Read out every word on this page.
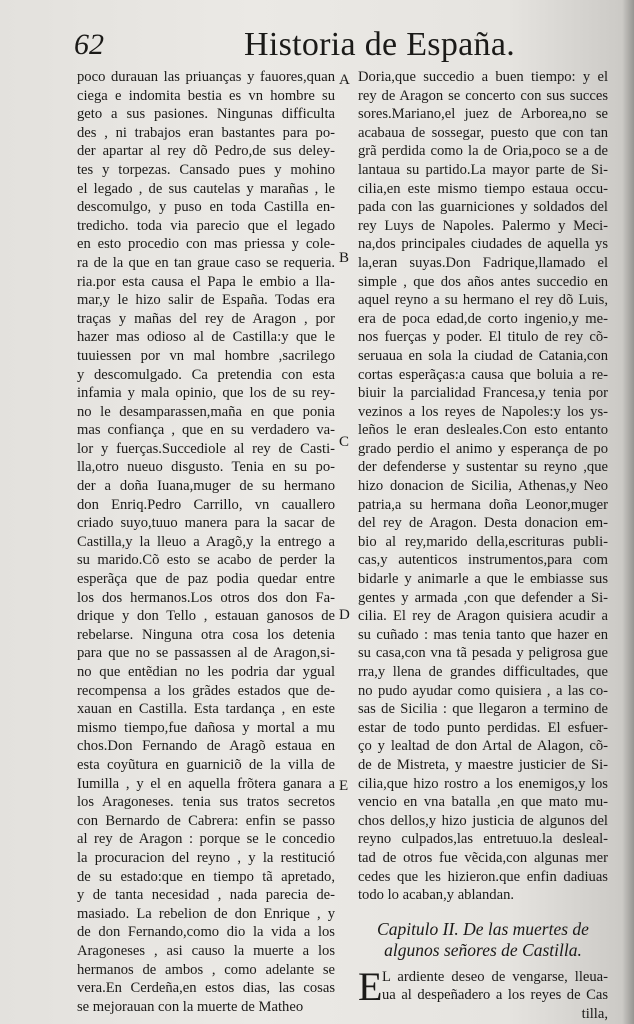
62	Historia de España.
poco durauan las priuanças y fauores,quan
ciega e indomita bestia es vn hombre su
geto a sus pasiones. Ningunas difficulta
des , ni trabajos eran bastantes para po-
der apartar al rey dõ Pedro,de sus deley-
tes y torpezas. Cansado pues y mohino
el legado , de sus cautelas y marañas , le
descomulgo, y puso en toda Castilla en-
tredicho. toda via parecio que el legado
en esto procedio con mas priessa y cole-
ra de la que en tan graue caso se requeria.
ria.por esta causa el Papa le embio a lla-
mar,y le hizo salir de España. Todas era
traças y mañas del rey de Aragon , por
hazer mas odioso al de Castilla:y que le
tuuiessen por vn mal hombre ,sacrilego
y descomulgado. Ca pretendia con esta
infamia y mala opinio, que los de su rey-
no le desamparassen,maña en que ponia
mas confiança , que en su verdadero va-
lor y fuerças.Succediole al rey de Casti-
lla,otro nueuo disgusto. Tenia en su po-
der a doña Iuana,muger de su hermano
don Enriq.Pedro Carrillo, vn cauallero
criado suyo,tuuo manera para la sacar de
Castilla,y la lleuo a Aragõ,y la entrego a
su marido.Cõ esto se acabo de perder la
esperãça que de paz podia quedar entre
los dos hermanos.Los otros dos don Fa-
drique y don Tello , estauan ganosos de
rebelarse. Ninguna otra cosa los detenia
para que no se passassen al de Aragon,si-
no que entẽdian no les podria dar ygual
recompensa a los grãdes estados que de-
xauan en Castilla. Esta tardança , en este
mismo tiempo,fue dañosa y mortal a mu
chos.Don Fernando de Aragõ estaua en
esta coyũtura en guarniciõ de la villa de
Iumilla , y el en aquella frõtera ganara a
los Aragoneses. tenia sus tratos secretos
con Bernardo de Cabrera: enfin se passo
al rey de Aragon : porque se le concedio
la procuracion del reyno , y la restitució
de su estado:que en tiempo tã apretado,
y de tanta necesidad , nada parecia de-
masiado. La rebelion de don Enrique , y
de don Fernando,como dio la vida a los
Aragoneses , asi causo la muerte a los
hermanos de ambos , como adelante se
vera.En Cerdeña,en estos dias, las cosas
se mejorauan con la muerte de Matheo
A
B
C
D
E
Doria,que succedio a buen tiempo: y el
rey de Aragon se concerto con sus succes
sores.Mariano,el juez de Arborea,no se
acabaua de sossegar, puesto que con tan
grã perdida como la de Oria,poco se a de
lantaua su partido.La mayor parte de Si-
cilia,en este mismo tiempo estaua occu-
pada con las guarniciones y soldados del
rey Luys de Napoles. Palermo y Meci-
na,dos principales ciudades de aquella ys
la,eran suyas.Don Fadrique,llamado el
simple , que dos años antes succedio en
aquel reyno a su hermano el rey dõ Luis,
era de poca edad,de corto ingenio,y me-
nos fuerças y poder. El titulo de rey cõ-
seruaua en sola la ciudad de Catania,con
cortas esperãças:a causa que boluia a re-
biuir la parcialidad Francesa,y tenia por
vezinos a los reyes de Napoles:y los ys-
leños le eran desleales.Con esto entanto
grado perdio el animo y esperança de po
der defenderse y sustentar su reyno ,que
hizo donacion de Sicilia, Athenas,y Neo
patria,a su hermana doña Leonor,muger
del rey de Aragon. Desta donacion em-
bio al rey,marido della,escrituras publi-
cas,y autenticos instrumentos,para com
bidarle y animarle a que le embiasse sus
gentes y armada ,con que defender a Si-
cilia. El rey de Aragon quisiera acudir a
su cuñado : mas tenia tanto que hazer en
su casa,con vna tã pesada y peligrosa gue
rra,y llena de grandes difficultades, que
no pudo ayudar como quisiera , a las co-
sas de Sicilia : que llegaron a termino de
estar de todo punto perdidas. El esfuer-
ço y lealtad de don Artal de Alagon, cõ-
de de Mistreta, y maestre justicier de Si-
cilia,que hizo rostro a los enemigos,y los
vencio en vna batalla ,en que mato mu-
chos dellos,y hizo justicia de algunos del
reyno culpados,las entretuuo.la desleal-
tad de otros fue vẽcida,con algunas mer
cedes que les hizieron.que enfin dadiuas
todo lo acaban,y ablandan.
Capitulo II. De las muertes de
algunos señores de Castilla.
E L ardiente deseo de vengarse, lleua-
ua al despeñadero a los reyes de Cas
tilla,
